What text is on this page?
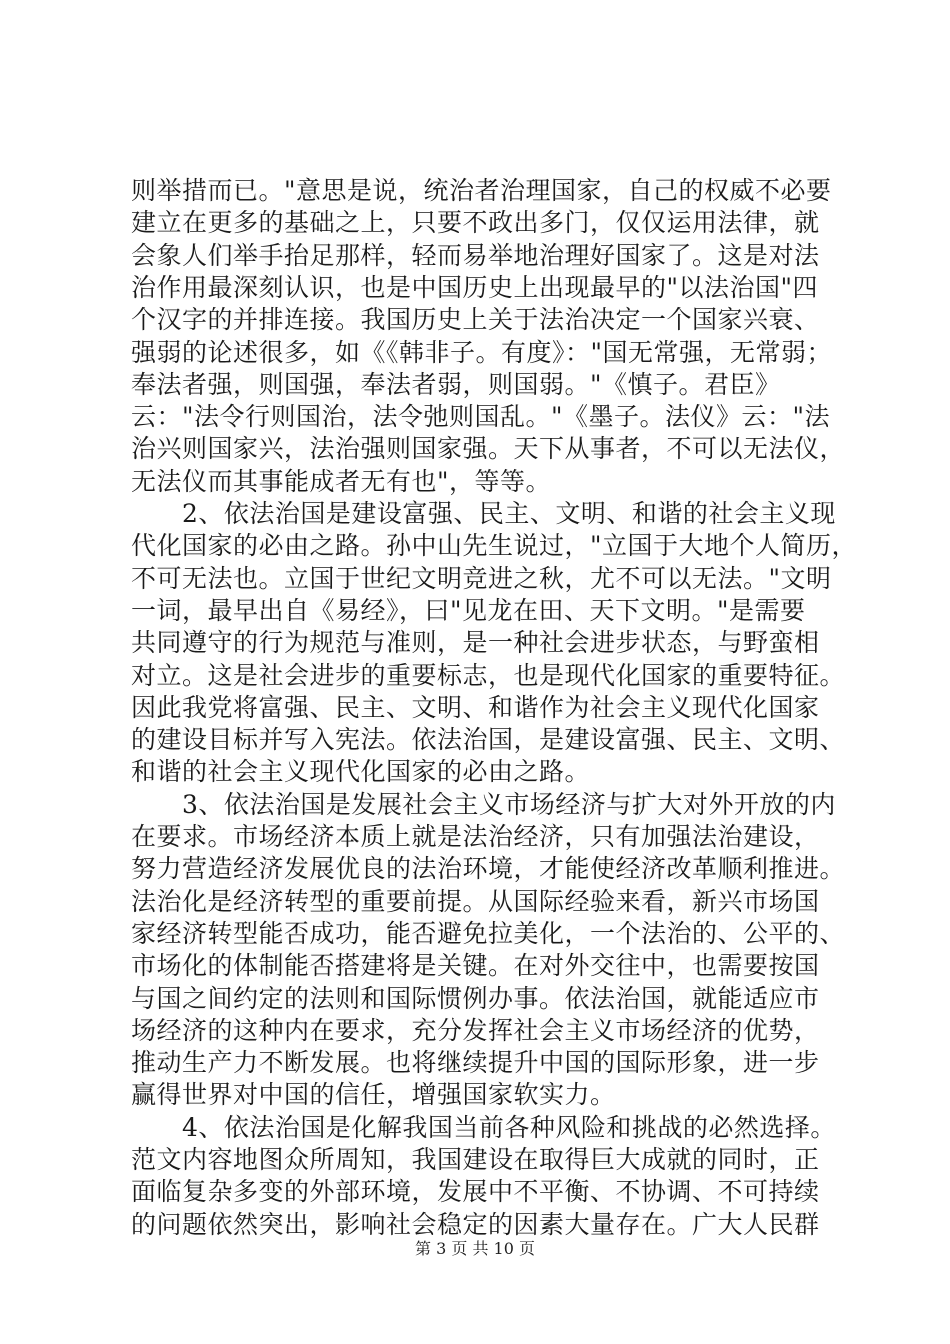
则举措而已。"意思是说，统治者治理国家，自己的权威不必要
建立在更多的基础之上，只要不政出多门，仅仅运用法律，就
会象人们举手抬足那样，轻而易举地治理好国家了。这是对法
治作用最深刻认识，也是中国历史上出现最早的"以法治国"四
个汉字的并排连接。我国历史上关于法治决定一个国家兴衰、
强弱的论述很多，如《《韩非子。有度》："国无常强，无常弱；
奉法者强，则国强，奉法者弱，则国弱。"《慎子。君臣》
云："法令行则国治，法令弛则国乱。"《墨子。法仪》云："法
治兴则国家兴，法治强则国家强。天下从事者，不可以无法仪，
无法仪而其事能成者无有也"，等等。
　　2、依法治国是建设富强、民主、文明、和谐的社会主义现
代化国家的必由之路。孙中山先生说过，"立国于大地个人简历，
不可无法也。立国于世纪文明竞进之秋，尤不可以无法。"文明
一词，最早出自《易经》，曰"见龙在田、天下文明。"是需要
共同遵守的行为规范与准则，是一种社会进步状态，与野蛮相
对立。这是社会进步的重要标志，也是现代化国家的重要特征。
因此我党将富强、民主、文明、和谐作为社会主义现代化国家
的建设目标并写入宪法。依法治国，是建设富强、民主、文明、
和谐的社会主义现代化国家的必由之路。
　　3、依法治国是发展社会主义市场经济与扩大对外开放的内
在要求。市场经济本质上就是法治经济，只有加强法治建设，
努力营造经济发展优良的法治环境，才能使经济改革顺利推进。
法治化是经济转型的重要前提。从国际经验来看，新兴市场国
家经济转型能否成功，能否避免拉美化，一个法治的、公平的、
市场化的体制能否搭建将是关键。在对外交往中，也需要按国
与国之间约定的法则和国际惯例办事。依法治国，就能适应市
场经济的这种内在要求，充分发挥社会主义市场经济的优势，
推动生产力不断发展。也将继续提升中国的国际形象，进一步
赢得世界对中国的信任，增强国家软实力。
　　4、依法治国是化解我国当前各种风险和挑战的必然选择。
范文内容地图众所周知，我国建设在取得巨大成就的同时，正
面临复杂多变的外部环境，发展中不平衡、不协调、不可持续
的问题依然突出，影响社会稳定的因素大量存在。广大人民群
第 3 页 共 10 页
